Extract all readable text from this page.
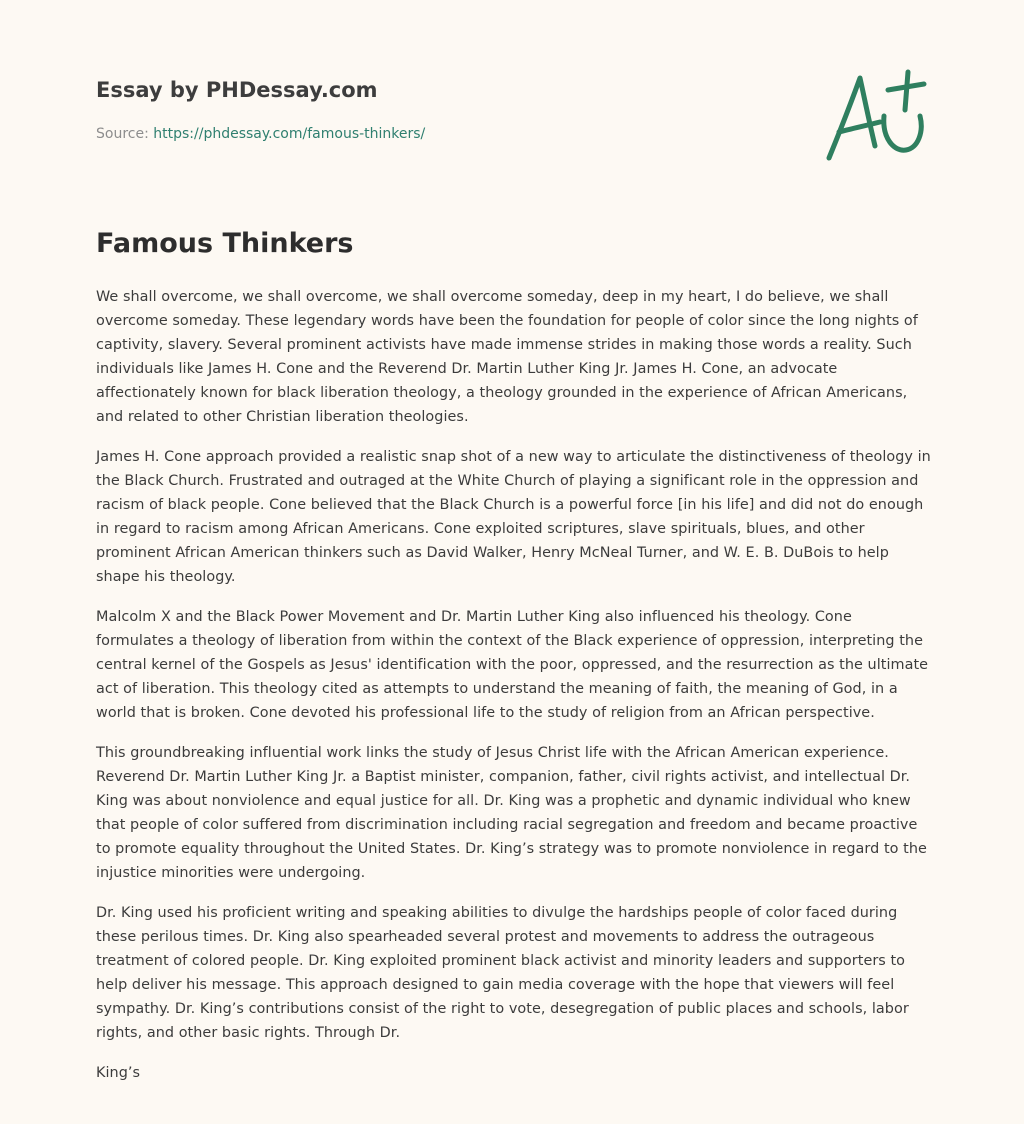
Essay by PHDessay.com
Source: https://phdessay.com/famous-thinkers/
Famous Thinkers

We shall overcome, we shall overcome, we shall overcome someday, deep in my heart, I do believe, we shall overcome someday. These legendary words have been the foundation for people of color since the long nights of captivity, slavery. Several prominent activists have made immense strides in making those words a reality. Such individuals like James H. Cone and the Reverend Dr. Martin Luther King Jr. James H. Cone, an advocate affectionately known for black liberation theology, a theology grounded in the experience of African Americans, and related to other Christian liberation theologies.

James H. Cone approach provided a realistic snap shot of a new way to articulate the distinctiveness of theology in the Black Church. Frustrated and outraged at the White Church of playing a significant role in the oppression and racism of black people. Cone believed that the Black Church is a powerful force [in his life] and did not do enough in regard to racism among African Americans. Cone exploited scriptures, slave spirituals, blues, and other prominent African American thinkers such as David Walker, Henry McNeal Turner, and W. E. B. DuBois to help shape his theology.

Malcolm X and the Black Power Movement and Dr. Martin Luther King also influenced his theology. Cone formulates a theology of liberation from within the context of the Black experience of oppression, interpreting the central kernel of the Gospels as Jesus' identification with the poor, oppressed, and the resurrection as the ultimate act of liberation. This theology cited as attempts to understand the meaning of faith, the meaning of God, in a world that is broken. Cone devoted his professional life to the study of religion from an African perspective.

This groundbreaking influential work links the study of Jesus Christ life with the African American experience. Reverend Dr. Martin Luther King Jr. a Baptist minister, companion, father, civil rights activist, and intellectual Dr. King was about nonviolence and equal justice for all. Dr. King was a prophetic and dynamic individual who knew that people of color suffered from discrimination including racial segregation and freedom and became proactive to promote equality throughout the United States. Dr. King’s strategy was to promote nonviolence in regard to the injustice minorities were undergoing.

Dr. King used his proficient writing and speaking abilities to divulge the hardships people of color faced during these perilous times. Dr. King also spearheaded several protest and movements to address the outrageous treatment of colored people. Dr. King exploited prominent black activist and minority leaders and supporters to help deliver his message. This approach designed to gain media coverage with the hope that viewers will feel sympathy. Dr. King’s contributions consist of the right to vote, desegregation of public places and schools, labor rights, and other basic rights. Through Dr.

King’s
